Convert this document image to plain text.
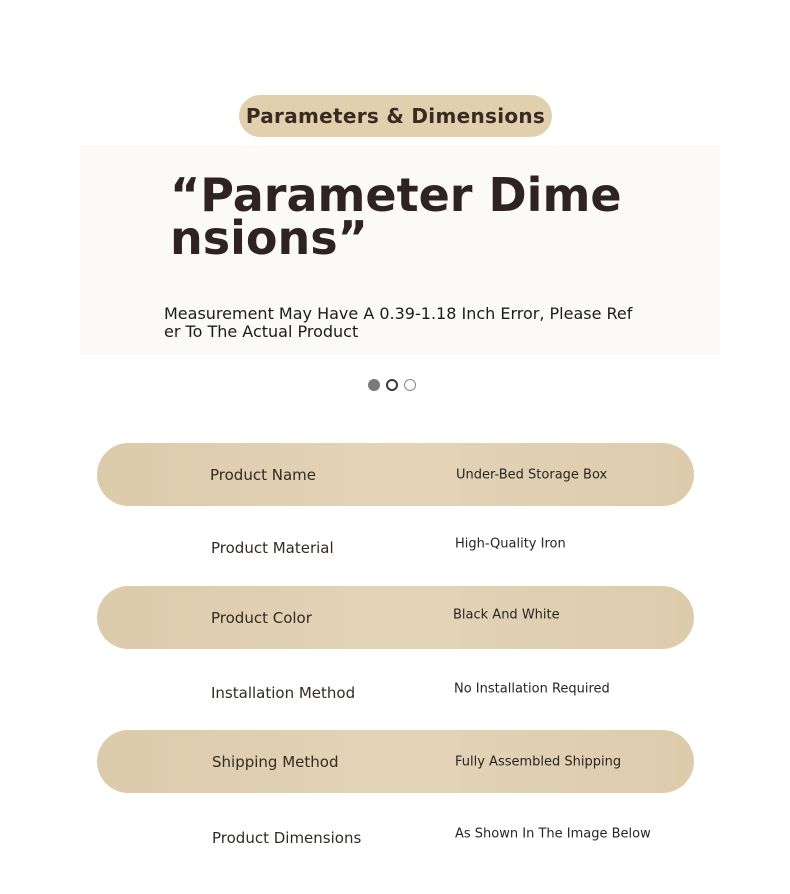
Parameters & Dimensions
“Parameter Dimensions”

Measurement May Have A 0.39-1.18 Inch Error, Please Refer To The Actual Product

Product Name	Under-Bed Storage Box
Product Material	High-Quality Iron
Product Color	Black And White
Installation Method	No Installation Required
Shipping Method	Fully Assembled Shipping
Product Dimensions	As Shown In The Image Below
